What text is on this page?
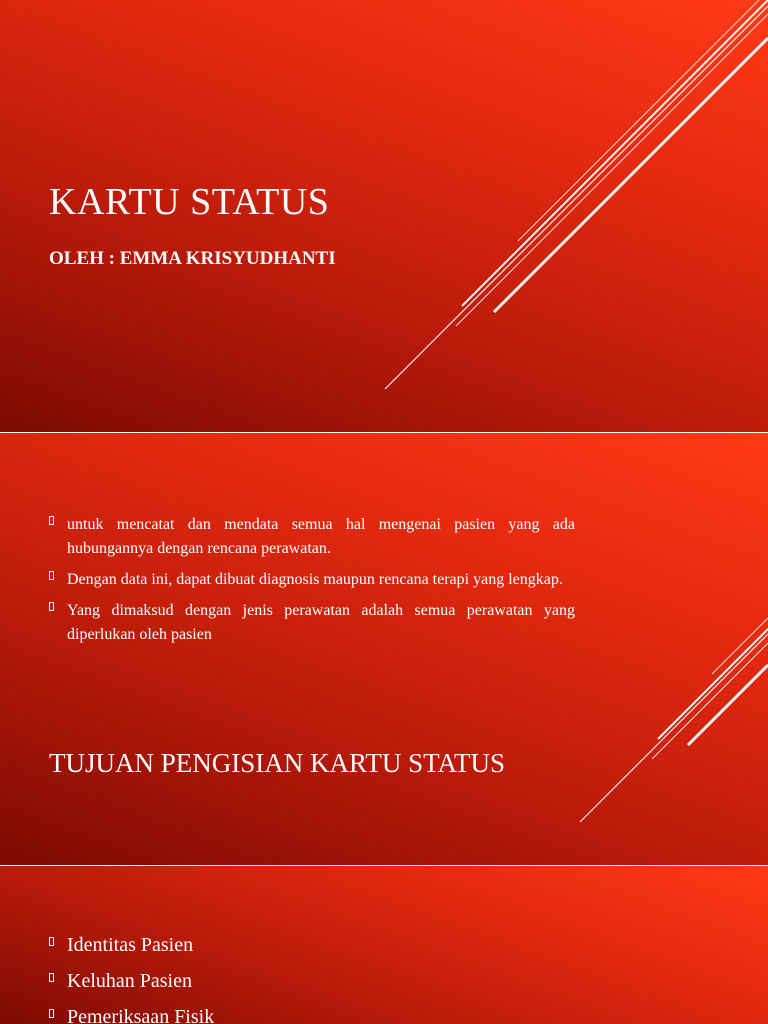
KARTU STATUS
OLEH : EMMA KRISYUDHANTI
untuk mencatat dan mendata semua hal mengenai pasien yang ada hubungannya dengan rencana perawatan.
Dengan data ini, dapat dibuat diagnosis maupun rencana terapi yang lengkap.
Yang dimaksud dengan jenis perawatan adalah semua perawatan yang diperlukan oleh pasien
TUJUAN PENGISIAN KARTU STATUS
Identitas Pasien
Keluhan Pasien
Pemeriksaan Fisik
